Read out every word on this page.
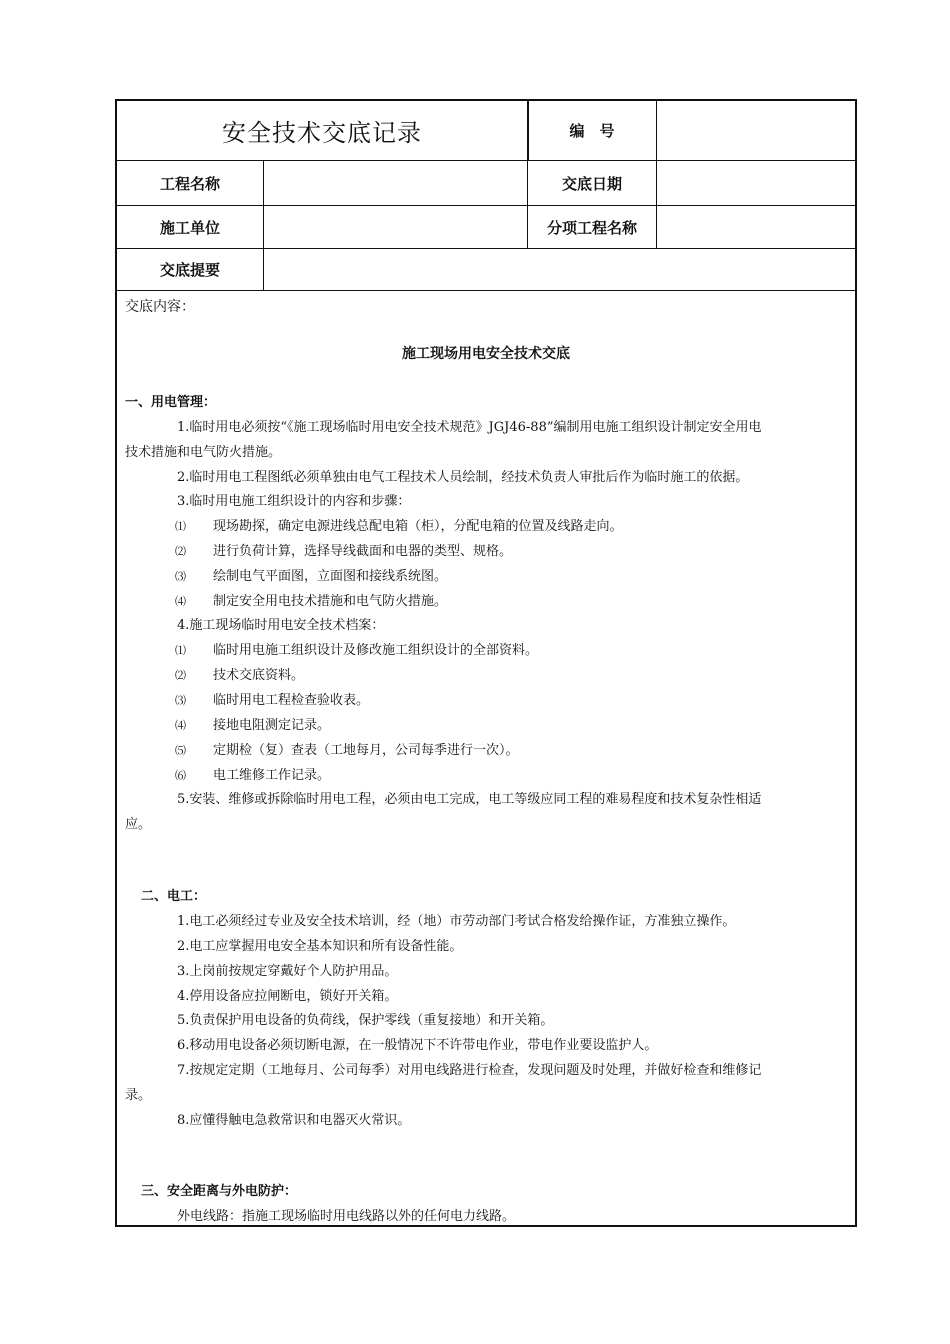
安全技术交底记录	编　号
工程名称	交底日期
施工单位	分项工程名称
交底提要
交底内容：
施工现场用电安全技术交底
一、用电管理：
1.临时用电必须按“《施工现场临时用电安全技术规范》JGJ46-88”编制用电施工组织设计制定安全用电
技术措施和电气防火措施。
2.临时用电工程图纸必须单独由电气工程技术人员绘制，经技术负责人审批后作为临时施工的依据。
3.临时用电施工组织设计的内容和步骤：
⑴ 现场勘探，确定电源进线总配电箱（柜），分配电箱的位置及线路走向。
⑵ 进行负荷计算，选择导线截面和电器的类型、规格。
⑶ 绘制电气平面图，立面图和接线系统图。
⑷ 制定安全用电技术措施和电气防火措施。
4.施工现场临时用电安全技术档案：
⑴ 临时用电施工组织设计及修改施工组织设计的全部资料。
⑵ 技术交底资料。
⑶ 临时用电工程检查验收表。
⑷ 接地电阻测定记录。
⑸ 定期检（复）查表（工地每月，公司每季进行一次）。
⑹ 电工维修工作记录。
5.安装、维修或拆除临时用电工程，必须由电工完成，电工等级应同工程的难易程度和技术复杂性相适
应。
二、电工：
1.电工必须经过专业及安全技术培训，经（地）市劳动部门考试合格发给操作证，方准独立操作。
2.电工应掌握用电安全基本知识和所有设备性能。
3.上岗前按规定穿戴好个人防护用品。
4.停用设备应拉闸断电，锁好开关箱。
5.负责保护用电设备的负荷线，保护零线（重复接地）和开关箱。
6.移动用电设备必须切断电源，在一般情况下不许带电作业，带电作业要设监护人。
7.按规定定期（工地每月、公司每季）对用电线路进行检查，发现问题及时处理，并做好检查和维修记
录。
8.应懂得触电急救常识和电器灭火常识。
三、安全距离与外电防护：
外电线路：指施工现场临时用电线路以外的任何电力线路。
